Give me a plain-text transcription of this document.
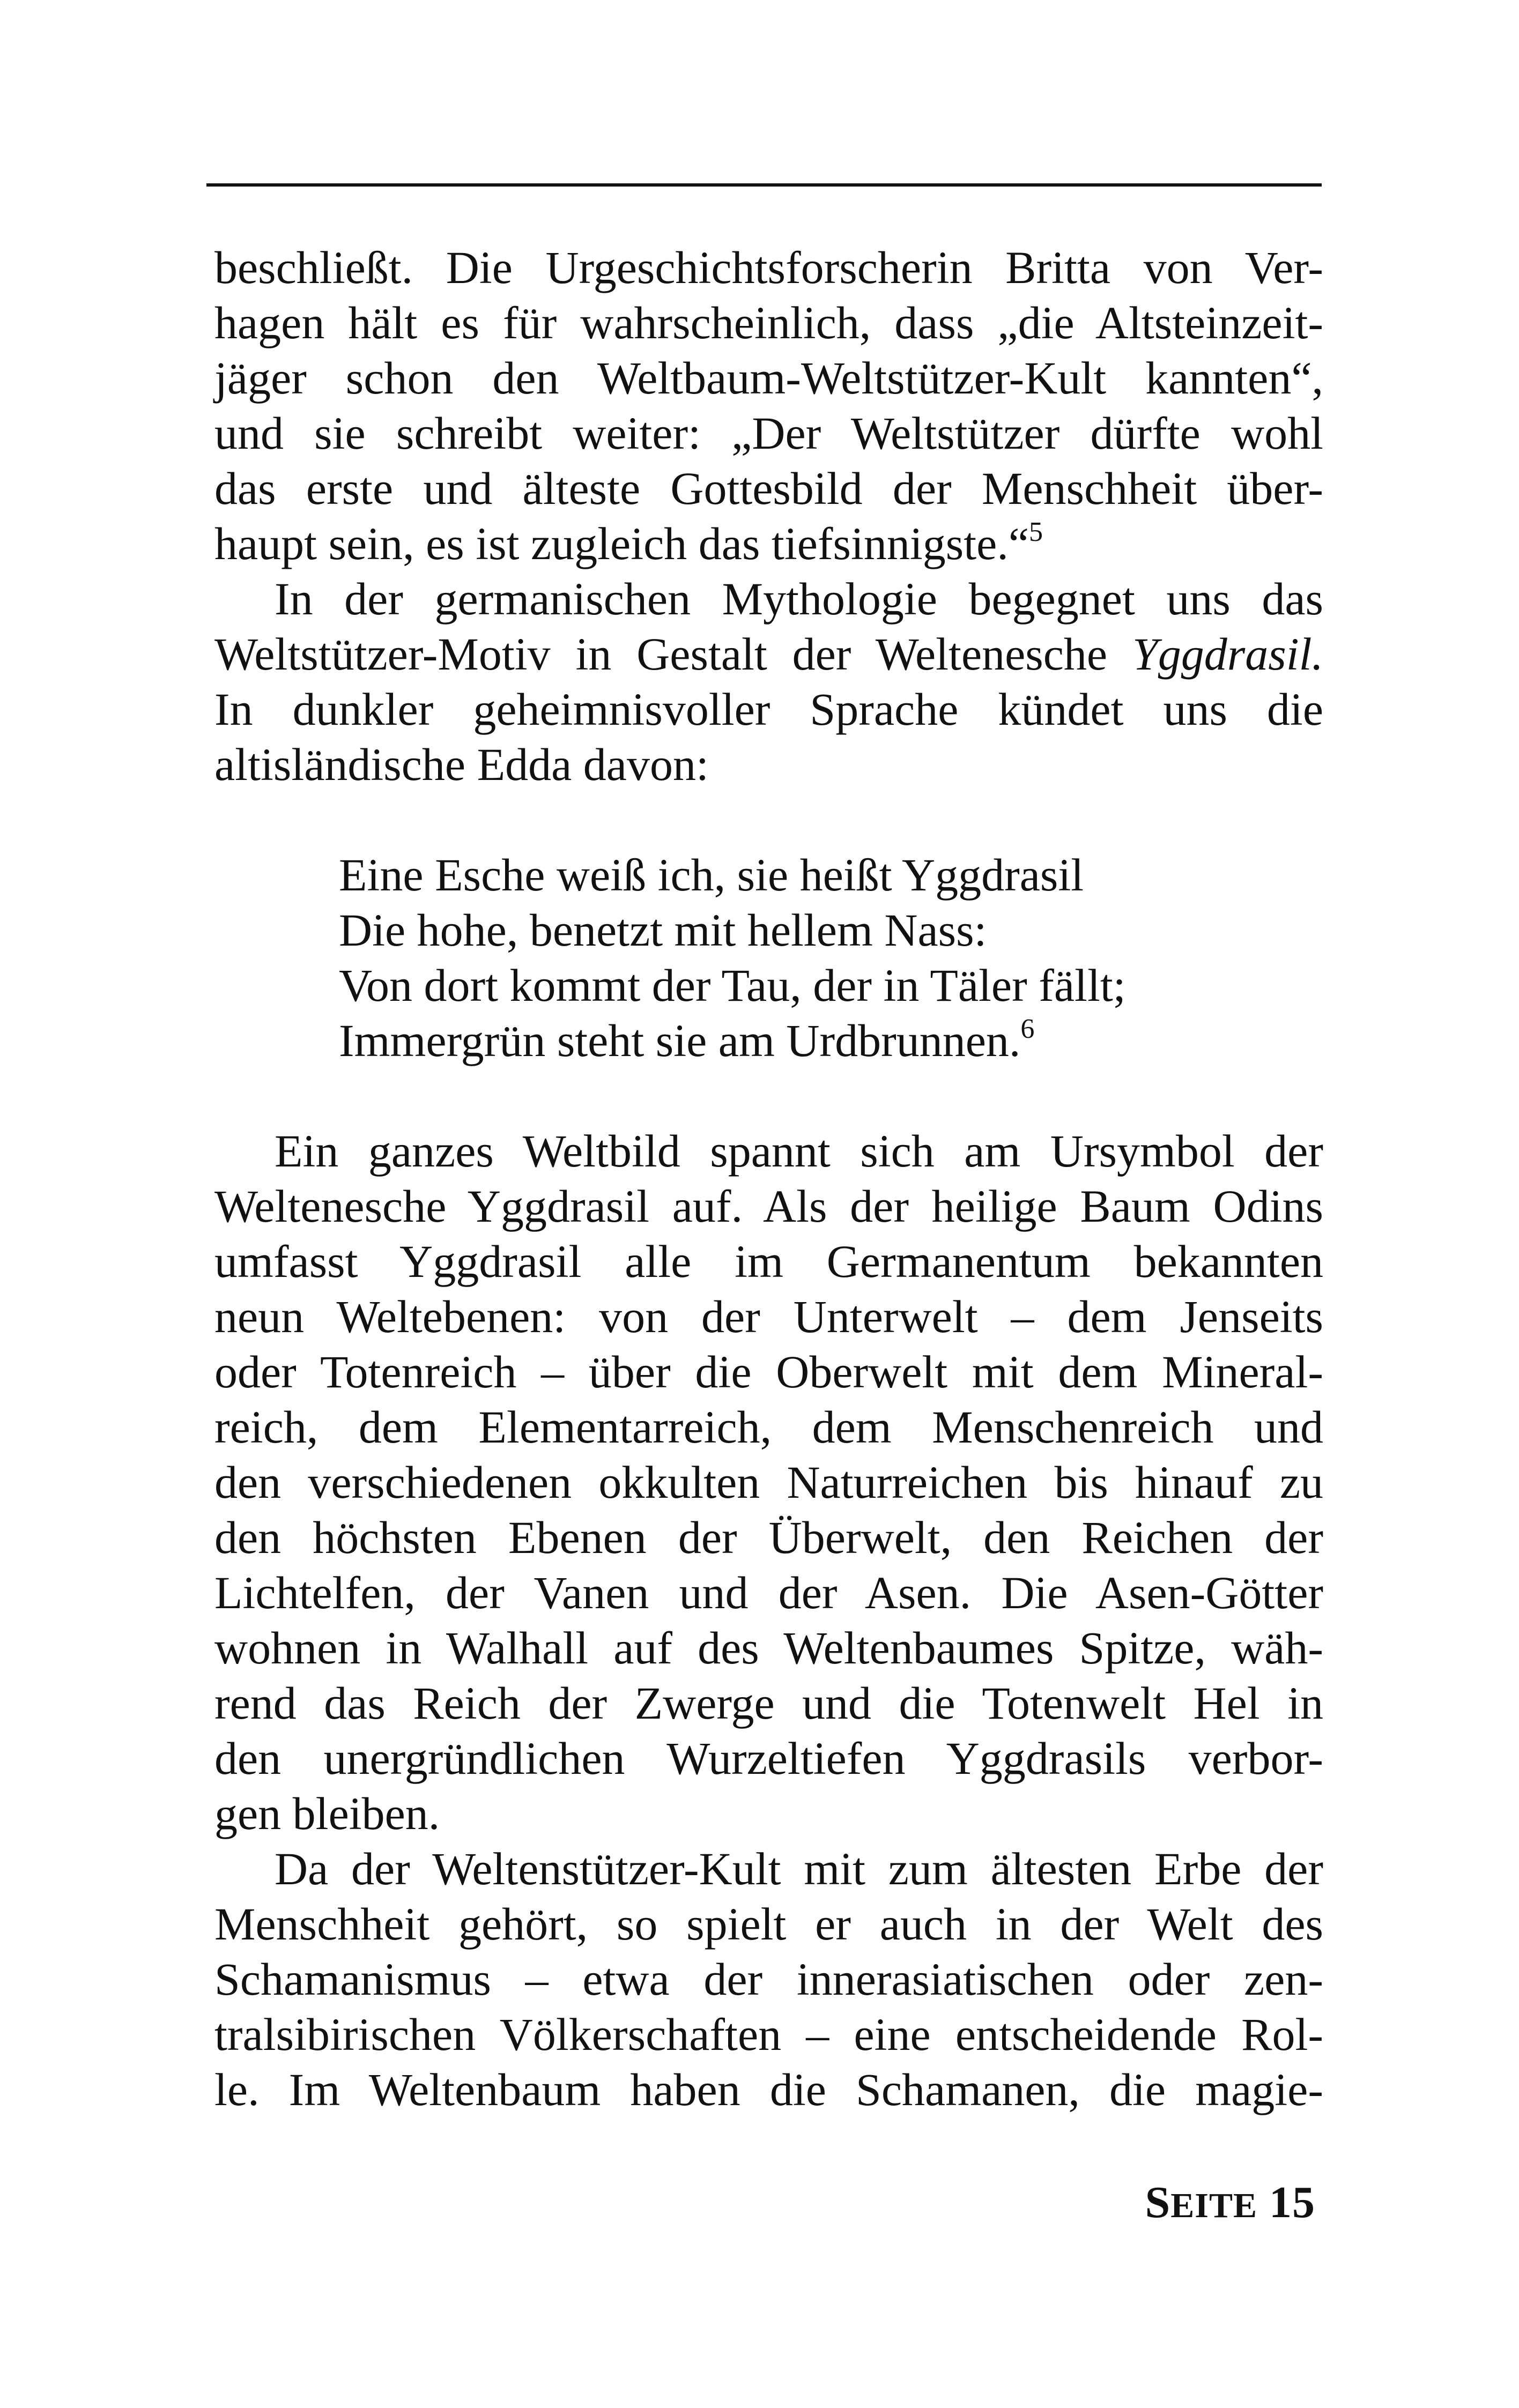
beschließt. Die Urgeschichtsforscherin Britta von Ver-
hagen hält es für wahrscheinlich, dass „die Altsteinzeit-
jäger schon den Weltbaum-Weltstützer-Kult kannten“,
und sie schreibt weiter: „Der Weltstützer dürfte wohl
das erste und älteste Gottesbild der Menschheit über-
haupt sein, es ist zugleich das tiefsinnigste.“$^5$
In der germanischen Mythologie begegnet uns das
Weltstützer-Motiv in Gestalt der Weltenesche Yggdrasil.
In dunkler geheimnisvoller Sprache kündet uns die
altisländische Edda davon:
Eine Esche weiß ich, sie heißt Yggdrasil
Die hohe, benetzt mit hellem Nass:
Von dort kommt der Tau, der in Täler fällt;
Immergrün steht sie am Urdbrunnen.$^6$
Ein ganzes Weltbild spannt sich am Ursymbol der
Weltenesche Yggdrasil auf. Als der heilige Baum Odins
umfasst Yggdrasil alle im Germanentum bekannten
neun Weltebenen: von der Unterwelt – dem Jenseits
oder Totenreich – über die Oberwelt mit dem Mineral-
reich, dem Elementarreich, dem Menschenreich und
den verschiedenen okkulten Naturreichen bis hinauf zu
den höchsten Ebenen der Überwelt, den Reichen der
Lichtelfen, der Vanen und der Asen. Die Asen-Götter
wohnen in Walhall auf des Weltenbaumes Spitze, wäh-
rend das Reich der Zwerge und die Totenwelt Hel in
den unergründlichen Wurzeltiefen Yggdrasils verbor-
gen bleiben.
Da der Weltenstützer-Kult mit zum ältesten Erbe der
Menschheit gehört, so spielt er auch in der Welt des
Schamanismus – etwa der innerasiatischen oder zen-
tralsibirischen Völkerschaften – eine entscheidende Rol-
le. Im Weltenbaum haben die Schamanen, die magie-
SEITE 15
